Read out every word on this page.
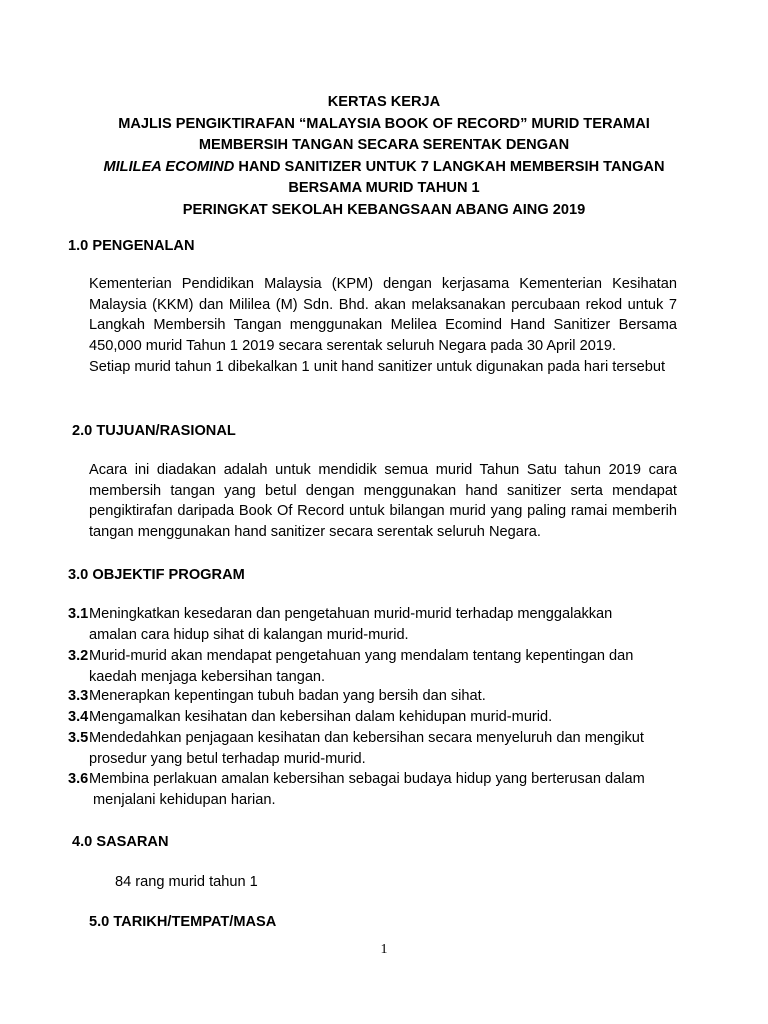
KERTAS KERJA
MAJLIS PENGIKTIRAFAN “MALAYSIA BOOK OF RECORD” MURID TERAMAI
MEMBERSIH TANGAN SECARA SERENTAK DENGAN
MILILEA ECOMIND HAND SANITIZER UNTUK 7 LANGKAH MEMBERSIH TANGAN
BERSAMA MURID TAHUN 1
PERINGKAT SEKOLAH KEBANGSAAN ABANG AING 2019
1.0 PENGENALAN

Kementerian Pendidikan Malaysia (KPM) dengan kerjasama Kementerian Kesihatan Malaysia (KKM) dan Mililea (M) Sdn. Bhd. akan melaksanakan percubaan rekod untuk 7 Langkah Membersih Tangan menggunakan Melilea Ecomind Hand Sanitizer Bersama 450,000 murid Tahun 1 2019 secara serentak seluruh Negara pada 30 April 2019.

Setiap murid tahun 1 dibekalkan 1 unit hand sanitizer untuk digunakan pada hari tersebut

2.0 TUJUAN/RASIONAL

Acara ini diadakan adalah untuk mendidik semua murid Tahun Satu tahun 2019 cara membersih tangan yang betul dengan menggunakan hand sanitizer serta mendapat pengiktirafan daripada Book Of Record untuk bilangan murid yang paling ramai memberih tangan menggunakan hand sanitizer secara serentak seluruh Negara.

3.0 OBJEKTIF PROGRAM
3.1 Meningkatkan kesedaran dan pengetahuan murid-murid terhadap menggalakkan
amalan cara hidup sihat di kalangan murid-murid.
3.2 Murid-murid akan mendapat pengetahuan yang mendalam tentang kepentingan dan
kaedah menjaga kebersihan tangan.
3.3 Menerapkan kepentingan tubuh badan yang bersih dan sihat.
3.4 Mengamalkan kesihatan dan kebersihan dalam kehidupan murid-murid.
3.5 Mendedahkan penjagaan kesihatan dan kebersihan secara menyeluruh dan mengikut
prosedur yang betul terhadap murid-murid.
3.6 Membina perlakuan amalan kebersihan sebagai budaya hidup yang berterusan dalam
menjalani kehidupan harian.
4.0 SASARAN
84 rang murid tahun 1
5.0 TARIKH/TEMPAT/MASA
1
